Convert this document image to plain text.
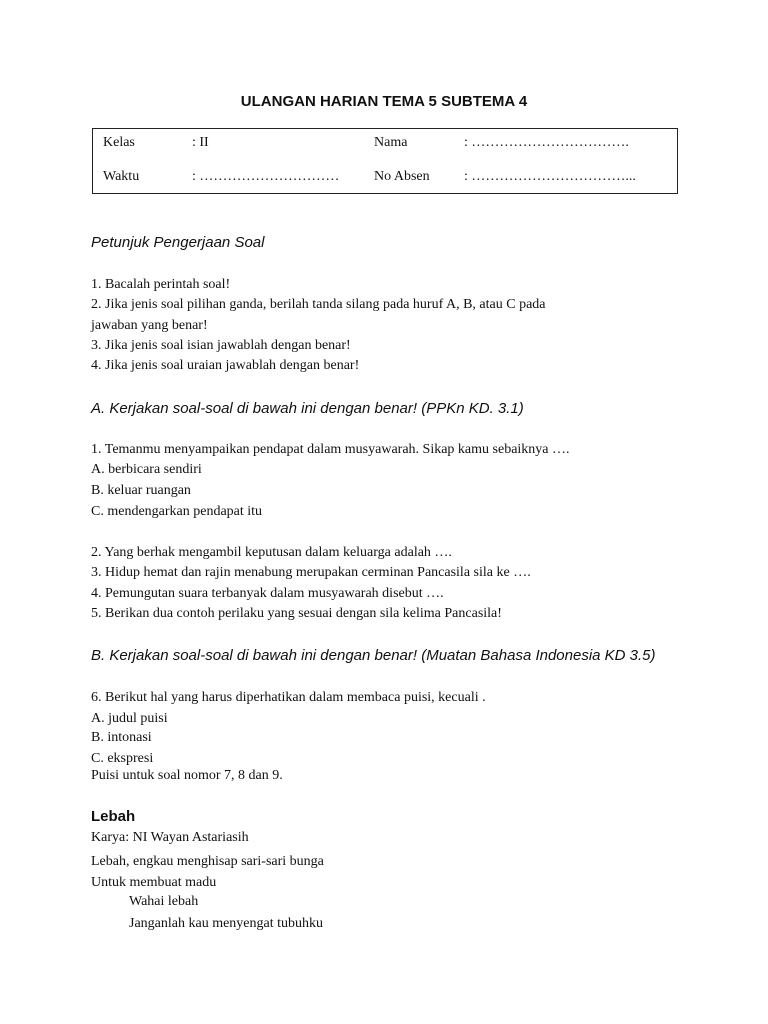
ULANGAN HARIAN TEMA 5 SUBTEMA 4
Kelas	: II	Nama	: …………………………….
Waktu	: ………………………… No Absen : ……………………………...
Petunjuk Pengerjaan Soal
1. Bacalah perintah soal!
2. Jika jenis soal pilihan ganda, berilah tanda silang pada huruf A, B, atau C pada
jawaban yang benar!
3. Jika jenis soal isian jawablah dengan benar!
4. Jika jenis soal uraian jawablah dengan benar!
A. Kerjakan soal-soal di bawah ini dengan benar! (PPKn KD. 3.1)
1. Temanmu menyampaikan pendapat dalam musyawarah. Sikap kamu sebaiknya ….
A. berbicara sendiri
B. keluar ruangan
C. mendengarkan pendapat itu
2. Yang berhak mengambil keputusan dalam keluarga adalah ….
3. Hidup hemat dan rajin menabung merupakan cerminan Pancasila sila ke ….
4. Pemungutan suara terbanyak dalam musyawarah disebut ….
5. Berikan dua contoh perilaku yang sesuai dengan sila kelima Pancasila!
B. Kerjakan soal-soal di bawah ini dengan benar! (Muatan Bahasa Indonesia KD 3.5)
6. Berikut hal yang harus diperhatikan dalam membaca puisi, kecuali .
A. judul puisi
B. intonasi
C. ekspresi
Puisi untuk soal nomor 7, 8 dan 9.
Lebah
Karya: NI Wayan Astariasih
Lebah, engkau menghisap sari-sari bunga
Untuk membuat madu
Wahai lebah
Janganlah kau menyengat tubuhku
